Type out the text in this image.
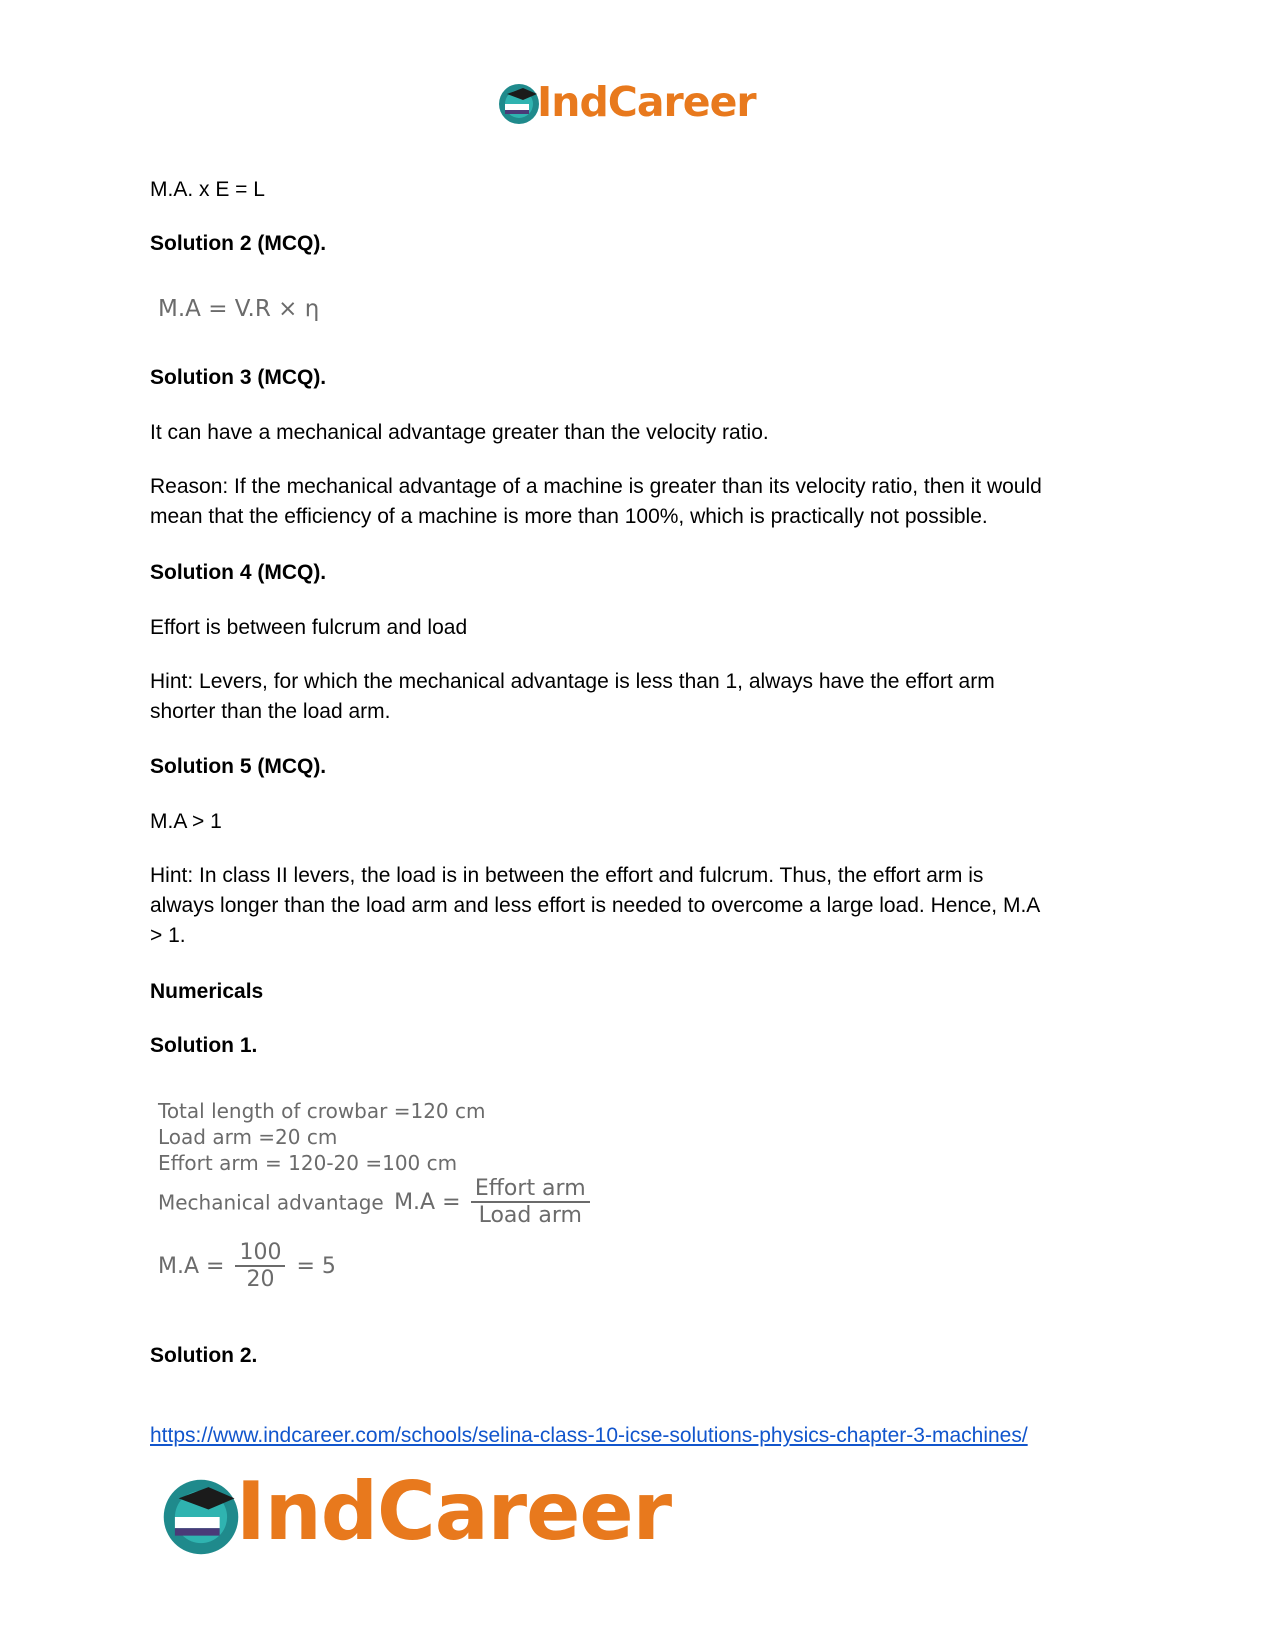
IndCareer
M.A. x E = L
Solution 2 (MCQ).
M.A = V.R × η
Solution 3 (MCQ).
It can have a mechanical advantage greater than the velocity ratio.
Reason: If the mechanical advantage of a machine is greater than its velocity ratio, then it would
mean that the efficiency of a machine is more than 100%, which is practically not possible.
Solution 4 (MCQ).
Effort is between fulcrum and load
Hint: Levers, for which the mechanical advantage is less than 1, always have the effort arm
shorter than the load arm.
Solution 5 (MCQ).
M.A > 1
Hint: In class II levers, the load is in between the effort and fulcrum. Thus, the effort arm is
always longer than the load arm and less effort is needed to overcome a large load. Hence, M.A
> 1.
Numericals
Solution 1.
Total length of crowbar =120 cm
Load arm =20 cm
Effort arm = 120-20 =100 cm
Mechanical advantage $M.A = \frac{\text{Effort arm}}{\text{Load arm}}$
$M.A = \frac{100}{20} = 5$
Solution 2.
https://www.indcareer.com/schools/selina-class-10-icse-solutions-physics-chapter-3-machines/
IndCareer
